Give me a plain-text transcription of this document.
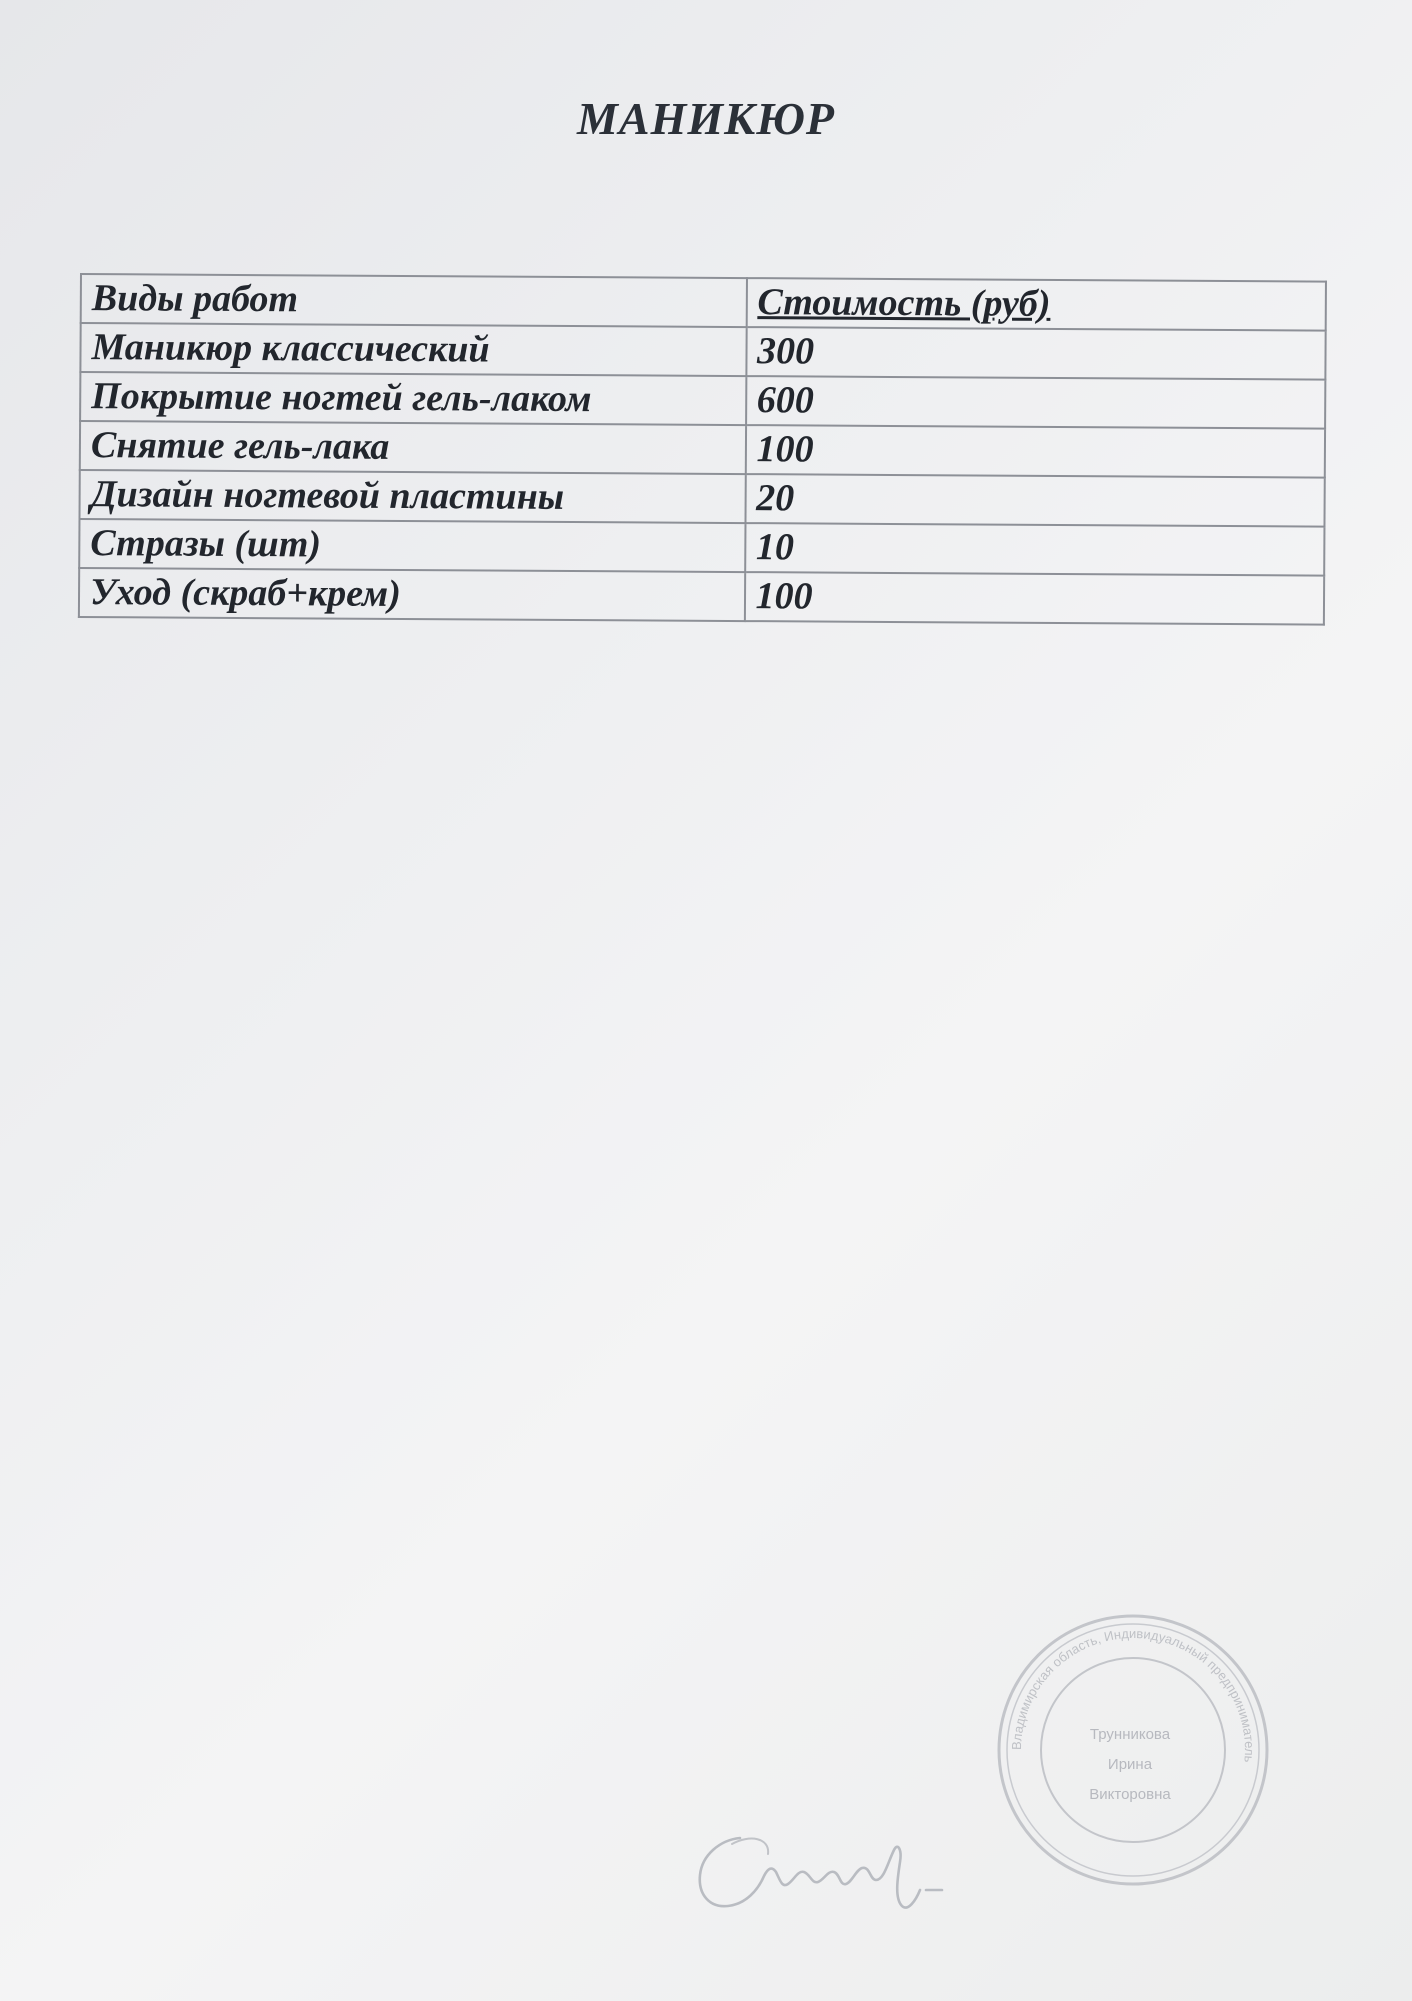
МАНИКЮР
Виды работ	Стоимость (руб)
Маникюр классический	300
Покрытие ногтей гель-лаком	600
Снятие гель-лака	100
Дизайн ногтевой пластины	20
Стразы (шт)	10
Уход (скраб+крем)	100
Владимирская область, Индивидуальный предприниматель
Трунникова
Ирина
Викторовна
